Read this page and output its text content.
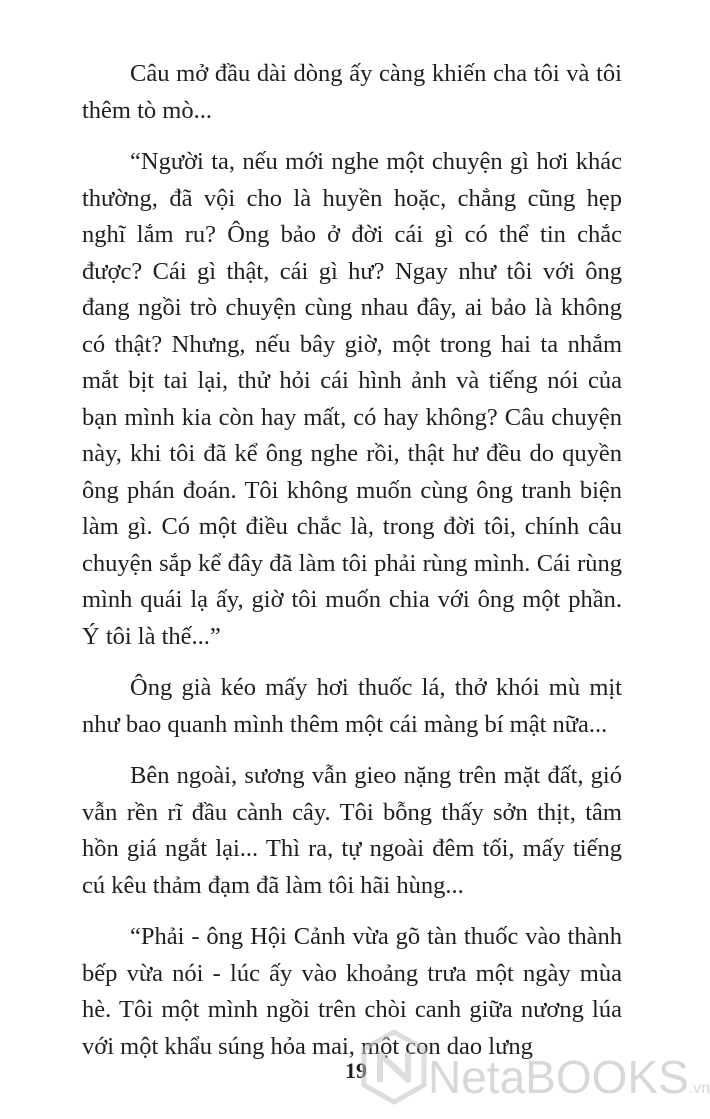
Câu mở đầu dài dòng ấy càng khiến cha tôi và tôi thêm tò mò...

“Người ta, nếu mới nghe một chuyện gì hơi khác thường, đã vội cho là huyền hoặc, chẳng cũng hẹp nghĩ lắm ru? Ông bảo ở đời cái gì có thể tin chắc được? Cái gì thật, cái gì hư? Ngay như tôi với ông đang ngồi trò chuyện cùng nhau đây, ai bảo là không có thật? Nhưng, nếu bây giờ, một trong hai ta nhắm mắt bịt tai lại, thử hỏi cái hình ảnh và tiếng nói của bạn mình kia còn hay mất, có hay không? Câu chuyện này, khi tôi đã kể ông nghe rồi, thật hư đều do quyền ông phán đoán. Tôi không muốn cùng ông tranh biện làm gì. Có một điều chắc là, trong đời tôi, chính câu chuyện sắp kể đây đã làm tôi phải rùng mình. Cái rùng mình quái lạ ấy, giờ tôi muốn chia với ông một phần. Ý tôi là thế...”

Ông già kéo mấy hơi thuốc lá, thở khói mù mịt như bao quanh mình thêm một cái màng bí mật nữa...

Bên ngoài, sương vẫn gieo nặng trên mặt đất, gió vẫn rền rĩ đầu cành cây. Tôi bỗng thấy sởn thịt, tâm hồn giá ngắt lại... Thì ra, tự ngoài đêm tối, mấy tiếng cú kêu thảm đạm đã làm tôi hãi hùng...

“Phải - ông Hội Cảnh vừa gõ tàn thuốc vào thành bếp vừa nói - lúc ấy vào khoảng trưa một ngày mùa hè. Tôi một mình ngồi trên chòi canh giữa nương lúa với một khẩu súng hỏa mai, một con dao lưng

19 NetaBOOKS.vn
